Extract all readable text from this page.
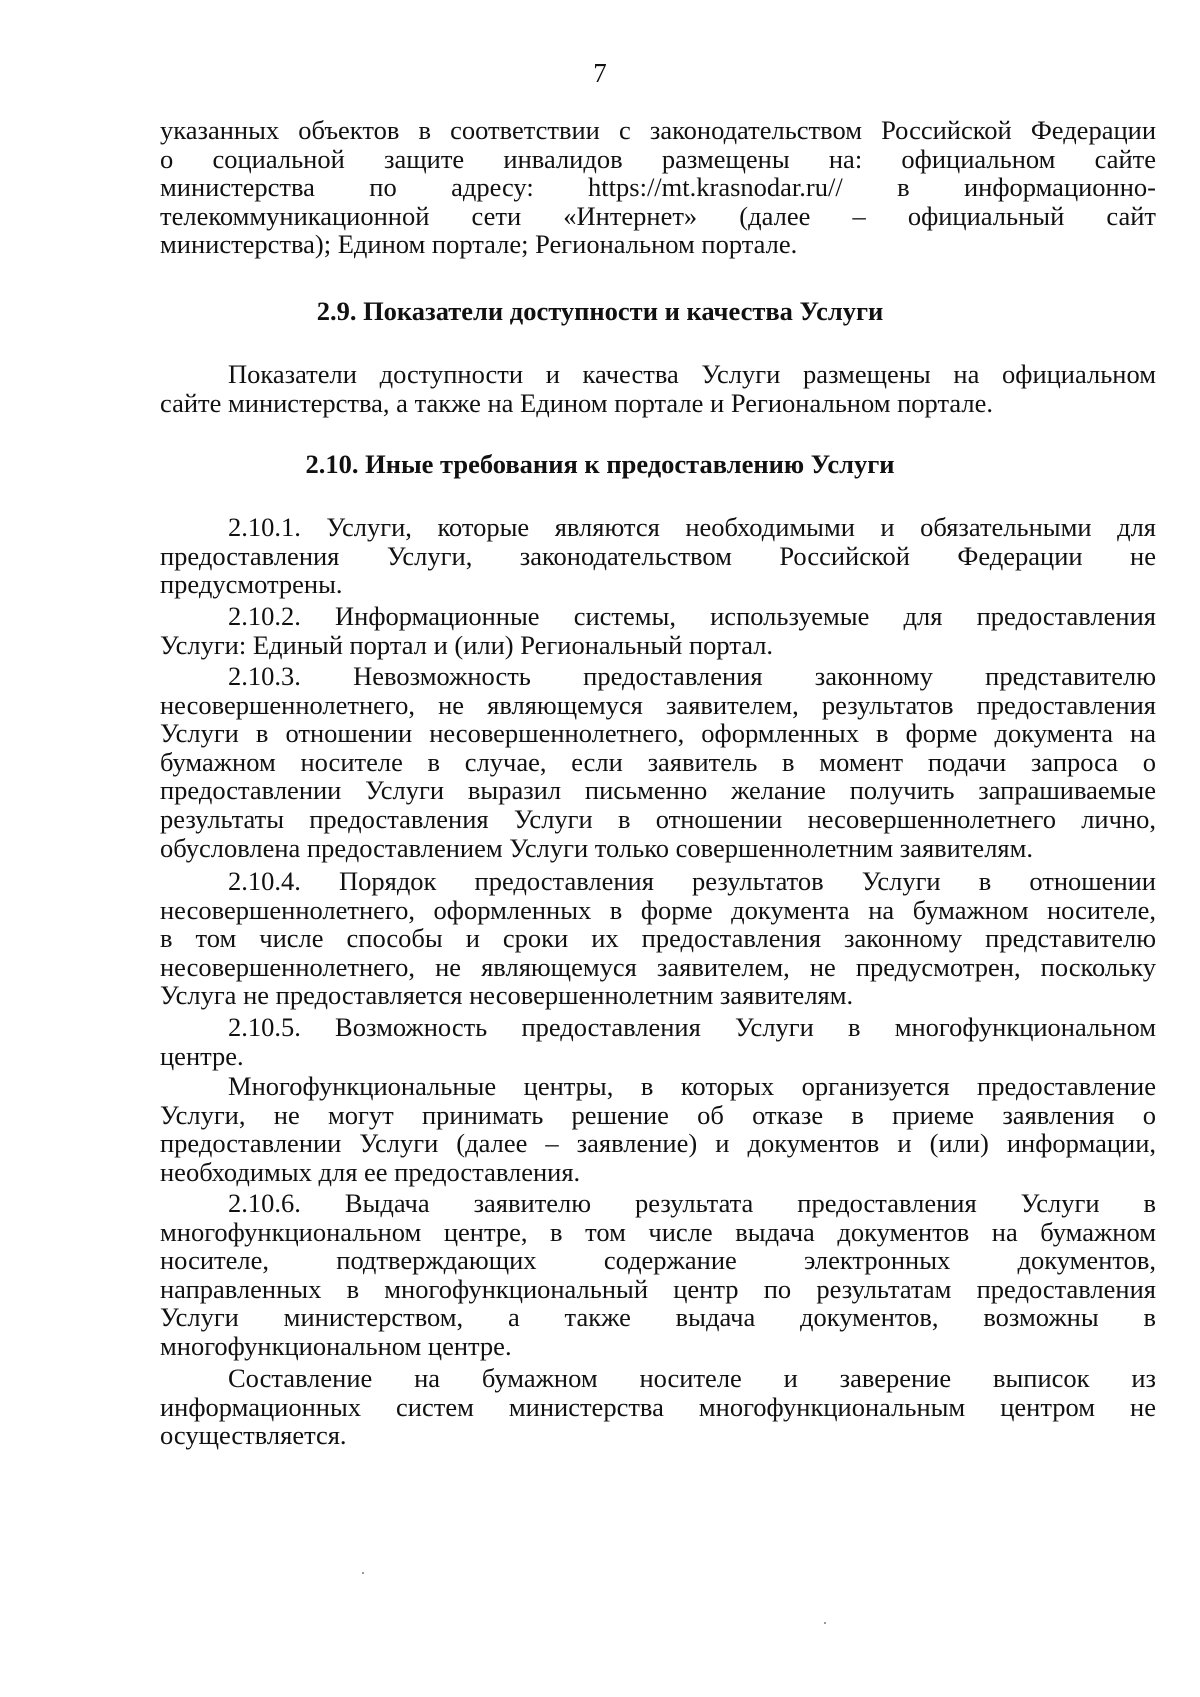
7
указанных объектов в соответствии с законодательством Российской Федерации
о социальной защите инвалидов размещены на: официальном сайте
министерства по адресу: https://mt.krasnodar.ru// в информационно-
телекоммуникационной сети «Интернет» (далее – официальный сайт
министерства); Едином портале; Региональном портале.
2.9. Показатели доступности и качества Услуги
Показатели доступности и качества Услуги размещены на официальном
сайте министерства, а также на Едином портале и Региональном портале.
2.10. Иные требования к предоставлению Услуги
2.10.1. Услуги, которые являются необходимыми и обязательными для
предоставления Услуги, законодательством Российской Федерации не
предусмотрены.
2.10.2. Информационные системы, используемые для предоставления
Услуги: Единый портал и (или) Региональный портал.
2.10.3. Невозможность предоставления законному представителю
несовершеннолетнего, не являющемуся заявителем, результатов предоставления
Услуги в отношении несовершеннолетнего, оформленных в форме документа на
бумажном носителе в случае, если заявитель в момент подачи запроса о
предоставлении Услуги выразил письменно желание получить запрашиваемые
результаты предоставления Услуги в отношении несовершеннолетнего лично,
обусловлена предоставлением Услуги только совершеннолетним заявителям.
2.10.4. Порядок предоставления результатов Услуги в отношении
несовершеннолетнего, оформленных в форме документа на бумажном носителе,
в том числе способы и сроки их предоставления законному представителю
несовершеннолетнего, не являющемуся заявителем, не предусмотрен, поскольку
Услуга не предоставляется несовершеннолетним заявителям.
2.10.5. Возможность предоставления Услуги в многофункциональном
центре.
Многофункциональные центры, в которых организуется предоставление
Услуги, не могут принимать решение об отказе в приеме заявления о
предоставлении Услуги (далее – заявление) и документов и (или) информации,
необходимых для ее предоставления.
2.10.6. Выдача заявителю результата предоставления Услуги в
многофункциональном центре, в том числе выдача документов на бумажном
носителе, подтверждающих содержание электронных документов,
направленных в многофункциональный центр по результатам предоставления
Услуги министерством, а также выдача документов, возможны в
многофункциональном центре.
Составление на бумажном носителе и заверение выписок из
информационных систем министерства многофункциональным центром не
осуществляется.
